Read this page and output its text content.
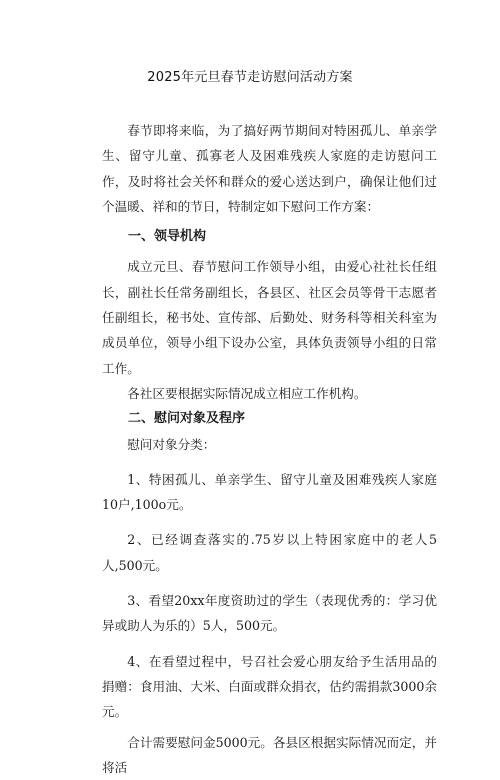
2025年元旦春节走访慰问活动方案

春节即将来临，为了搞好两节期间对特困孤儿、单亲学生、留守儿童、孤寡老人及困难残疾人家庭的走访慰问工作，及时将社会关怀和群众的爱心送达到户，确保让他们过个温暖、祥和的节日，特制定如下慰问工作方案：

一、领导机构

成立元旦、春节慰问工作领导小组，由爱心社社长任组长，副社长任常务副组长，各县区、社区会员等骨干志愿者任副组长，秘书处、宣传部、后勤处、财务科等相关科室为成员单位，领导小组下设办公室，具体负责领导小组的日常工作。

各社区要根据实际情况成立相应工作机构。

二、慰问对象及程序

慰问对象分类：

1、特困孤儿、单亲学生、留守儿童及困难残疾人家庭10户,100o元。

2、已经调查落实的.75岁以上特困家庭中的老人5人,500元。

3、看望20xx年度资助过的学生（表现优秀的：学习优异或助人为乐的）5人，500元。

4、在看望过程中，号召社会爱心朋友给予生活用品的捐赠：食用油、大米、白面或群众捐衣，估约需捐款3000余元。

合计需要慰问金5000元。各县区根据实际情况而定，并将活
